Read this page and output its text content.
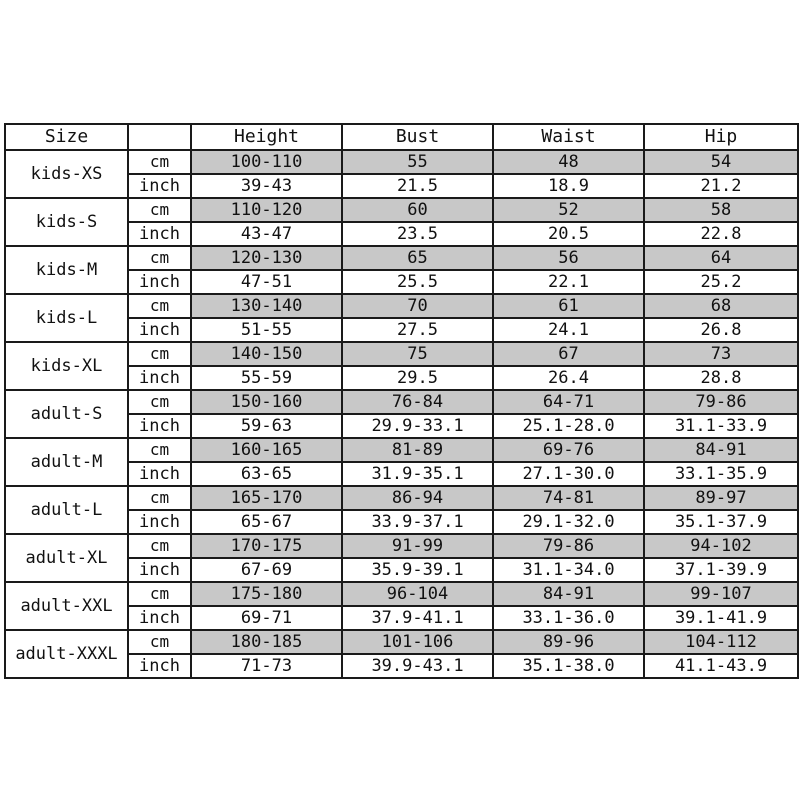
Size		Height	Bust	Waist	Hip
kids-XS	cm	100-110	55	48	54
	inch	39-43	21.5	18.9	21.2
kids-S	cm	110-120	60	52	58
	inch	43-47	23.5	20.5	22.8
kids-M	cm	120-130	65	56	64
	inch	47-51	25.5	22.1	25.2
kids-L	cm	130-140	70	61	68
	inch	51-55	27.5	24.1	26.8
kids-XL	cm	140-150	75	67	73
	inch	55-59	29.5	26.4	28.8
adult-S	cm	150-160	76-84	64-71	79-86
	inch	59-63	29.9-33.1	25.1-28.0	31.1-33.9
adult-M	cm	160-165	81-89	69-76	84-91
	inch	63-65	31.9-35.1	27.1-30.0	33.1-35.9
adult-L	cm	165-170	86-94	74-81	89-97
	inch	65-67	33.9-37.1	29.1-32.0	35.1-37.9
adult-XL	cm	170-175	91-99	79-86	94-102
	inch	67-69	35.9-39.1	31.1-34.0	37.1-39.9
adult-XXL	cm	175-180	96-104	84-91	99-107
	inch	69-71	37.9-41.1	33.1-36.0	39.1-41.9
adult-XXXL	cm	180-185	101-106	89-96	104-112
	inch	71-73	39.9-43.1	35.1-38.0	41.1-43.9
